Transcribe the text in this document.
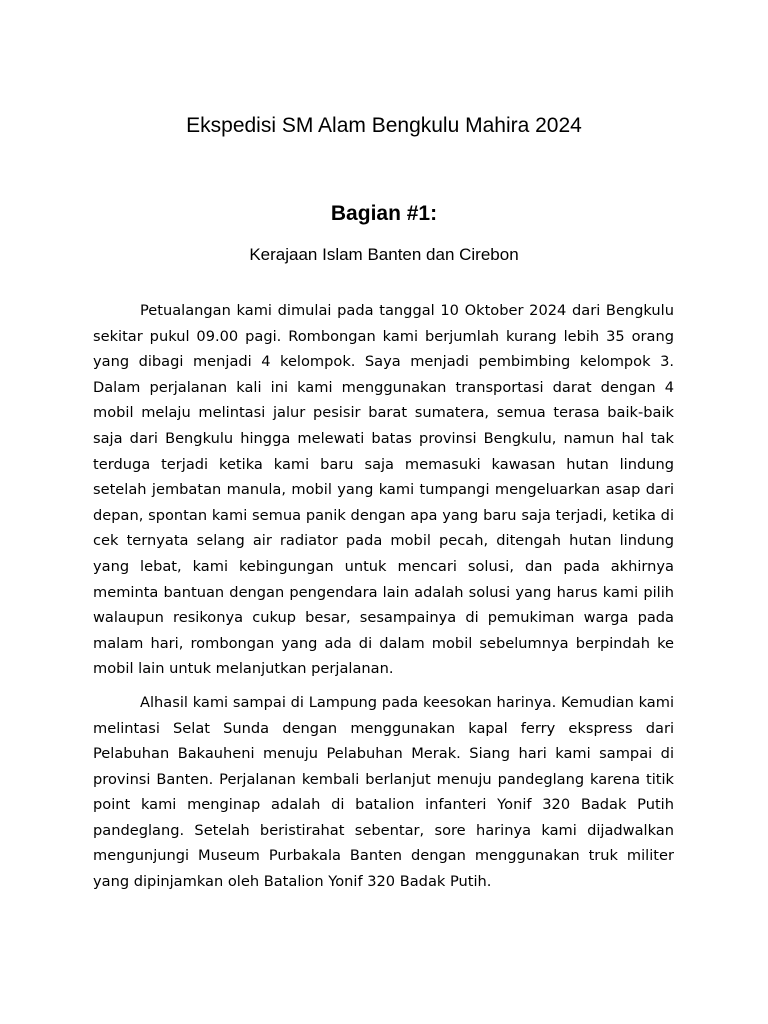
Ekspedisi SM Alam Bengkulu Mahira 2024
Bagian #1:
Kerajaan Islam Banten dan Cirebon

Petualangan kami dimulai pada tanggal 10 Oktober 2024 dari Bengkulu sekitar pukul 09.00 pagi. Rombongan kami berjumlah kurang lebih 35 orang yang dibagi menjadi 4 kelompok. Saya menjadi pembimbing kelompok 3. Dalam perjalanan kali ini kami menggunakan transportasi darat dengan 4 mobil melaju melintasi jalur pesisir barat sumatera, semua terasa baik-baik saja dari Bengkulu hingga melewati batas provinsi Bengkulu, namun hal tak terduga terjadi ketika kami baru saja memasuki kawasan hutan lindung setelah jembatan manula, mobil yang kami tumpangi mengeluarkan asap dari depan, spontan kami semua panik dengan apa yang baru saja terjadi, ketika di cek ternyata selang air radiator pada mobil pecah, ditengah hutan lindung yang lebat, kami kebingungan untuk mencari solusi, dan pada akhirnya meminta bantuan dengan pengendara lain adalah solusi yang harus kami pilih walaupun resikonya cukup besar, sesampainya di pemukiman warga pada malam hari, rombongan yang ada di dalam mobil sebelumnya berpindah ke mobil lain untuk melanjutkan perjalanan.

Alhasil kami sampai di Lampung pada keesokan harinya. Kemudian kami melintasi Selat Sunda dengan menggunakan kapal ferry ekspress dari Pelabuhan Bakauheni menuju Pelabuhan Merak. Siang hari kami sampai di provinsi Banten. Perjalanan kembali berlanjut menuju pandeglang karena titik point kami menginap adalah di batalion infanteri Yonif 320 Badak Putih pandeglang. Setelah beristirahat sebentar, sore harinya kami dijadwalkan mengunjungi Museum Purbakala Banten dengan menggunakan truk militer yang dipinjamkan oleh Batalion Yonif 320 Badak Putih.
